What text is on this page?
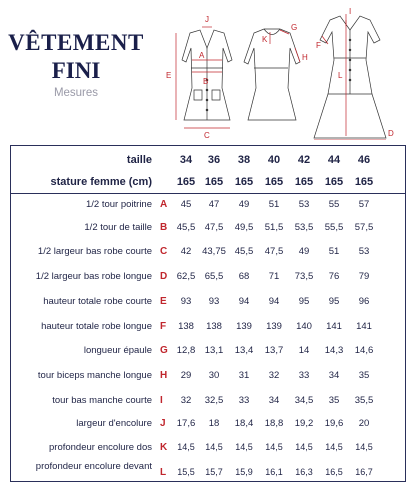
VÊTEMENT
FINI
Mesures
J
E
B
A
C
K
G
H
I
F
L
D
taille	34	36	38	40	42	44	46
stature femme (cm)	165 165	165	165	165	165	165
1/2 tour poitrine A	45	47	49	51	53	55	57
1/2 tour de taille B	45,5	47,5	49,5	51,5	53,5	55,5	57,5
1/2 largeur bas robe courte C	42	43,75 45,5	47,5	49	51	53
1/2 largeur bas robe longue D	62,5	65,5	68	71	73,5	76	79
hauteur totale robe courte E	93	93	94	94	95	95	96
hauteur totale robe longue F	138	138	139	139	140	141	141
longueur épaule G 12,8	13,1	13,4	13,7	14	14,3	14,6
tour biceps manche longue H	29	30	31	32	33	34	35
tour bas manche courte I	32	32,5	33	34	34,5	35	35,5
largeur d'encolure J	17,6	18	18,4	18,8	19,2	19,6	20
profondeur encolure dos K	14,5	14,5	14,5	14,5	14,5	14,5	14,5
profondeur encolure devant L	15,5	15,7	15,9	16,1	16,3	16,5	16,7
